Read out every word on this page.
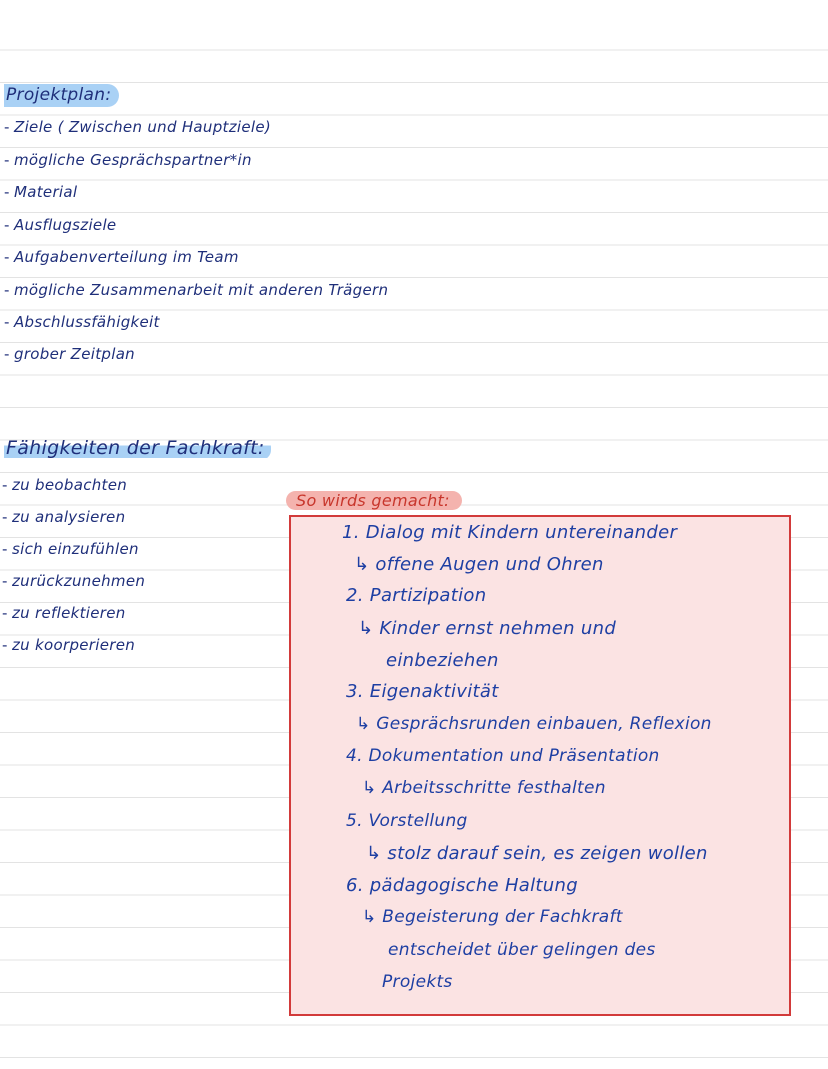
Projektplan:
- Ziele ( Zwischen und Hauptziele)
- mögliche Gesprächspartner*in
- Material
- Ausflugsziele
- Aufgabenverteilung im Team
- mögliche Zusammenarbeit mit anderen Trägern
- Abschlussfähigkeit
- grober Zeitplan
Fähigkeiten der Fachkraft:
- zu beobachten
- zu analysieren
- sich einzufühlen
- zurückzunehmen
- zu reflektieren
- zu koorperieren
So wirds gemacht:
1. Dialog mit Kindern untereinander
↳ offene Augen und Ohren
2. Partizipation
↳ Kinder ernst nehmen und
einbeziehen
3. Eigenaktivität
↳ Gesprächsrunden einbauen, Reflexion
4. Dokumentation und Präsentation
↳ Arbeitsschritte festhalten
5. Vorstellung
↳ stolz darauf sein, es zeigen wollen
6. pädagogische Haltung
↳ Begeisterung der Fachkraft
entscheidet über gelingen des
Projekts
